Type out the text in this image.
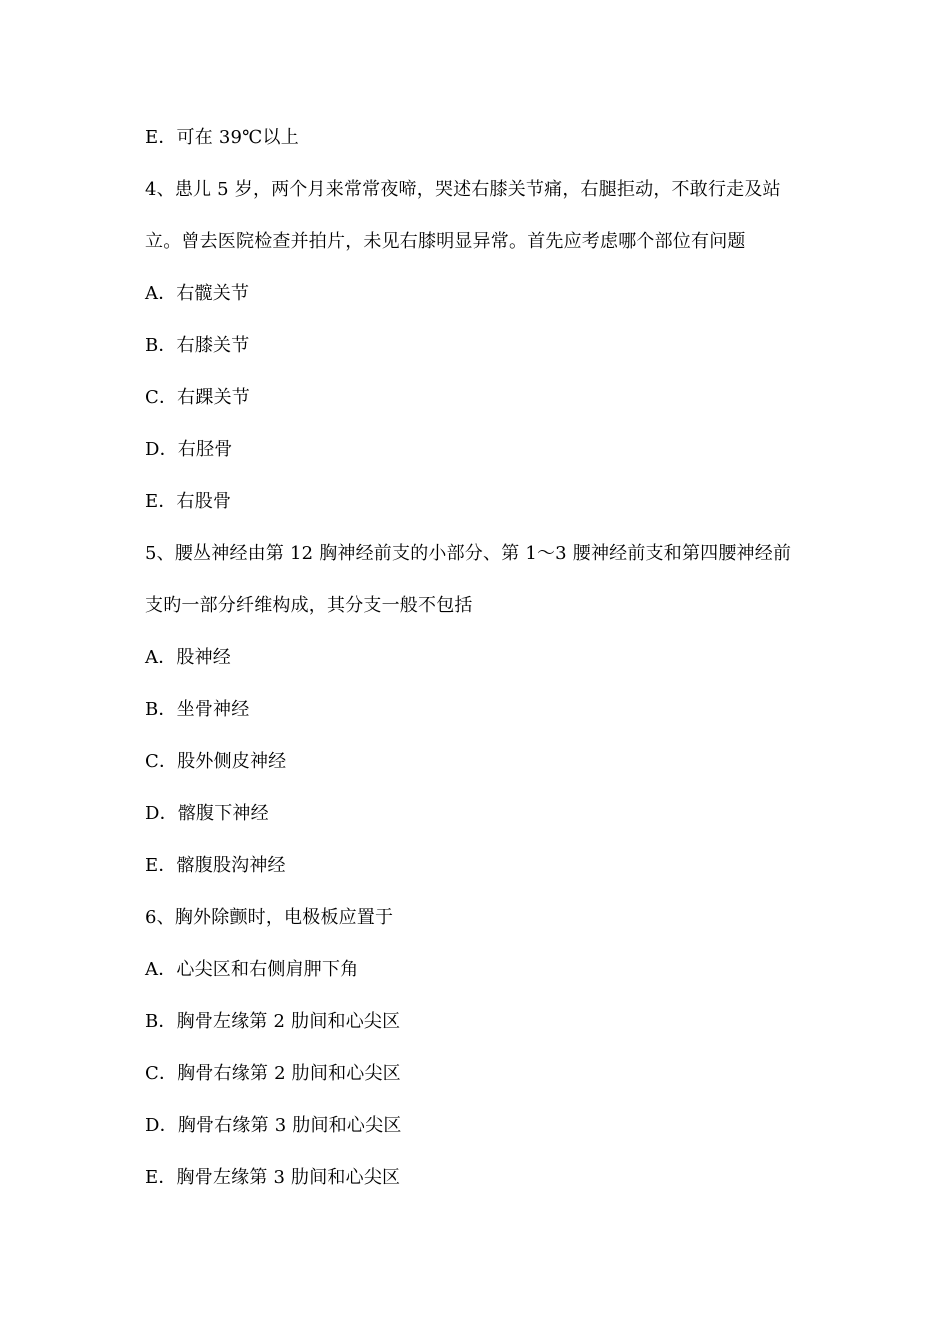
E．可在 39℃以上
4、患儿 5 岁，两个月来常常夜啼，哭述右膝关节痛，右腿拒动，不敢行走及站
立。曾去医院检查并拍片，未见右膝明显异常。首先应考虑哪个部位有问题
A．右髋关节
B．右膝关节
C．右踝关节
D．右胫骨
E．右股骨
5、腰丛神经由第 12 胸神经前支的小部分、第 1～3 腰神经前支和第四腰神经前
支旳一部分纤维构成，其分支一般不包括
A．股神经
B．坐骨神经
C．股外侧皮神经
D．髂腹下神经
E．髂腹股沟神经
6、胸外除颤时，电极板应置于
A．心尖区和右侧肩胛下角
B．胸骨左缘第 2 肋间和心尖区
C．胸骨右缘第 2 肋间和心尖区
D．胸骨右缘第 3 肋间和心尖区
E．胸骨左缘第 3 肋间和心尖区
